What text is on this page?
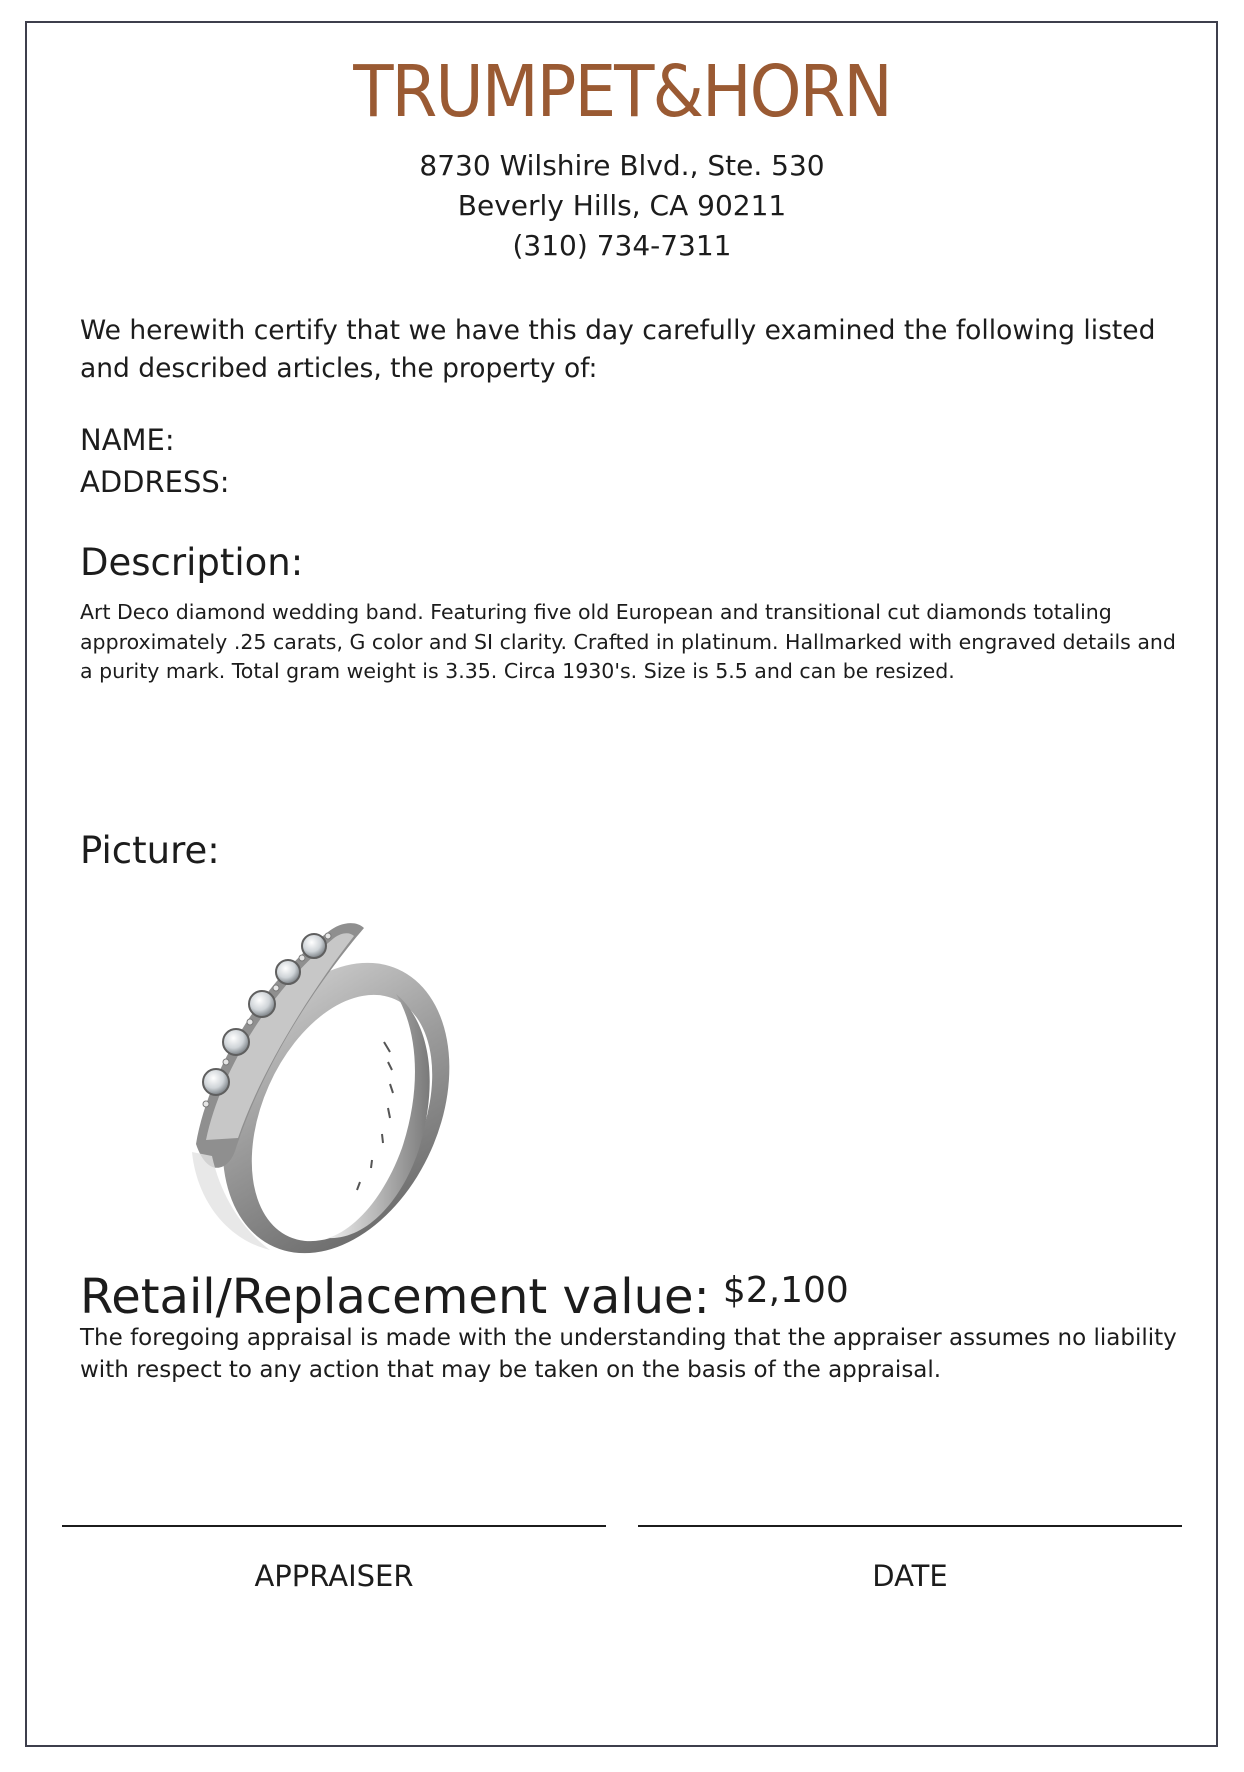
TRUMPET&HORN
8730 Wilshire Blvd., Ste. 530
Beverly Hills, CA 90211
(310) 734-7311
We herewith certify that we have this day carefully examined the following listed and described articles, the property of:
NAME:
ADDRESS:
Description:
Art Deco diamond wedding band. Featuring five old European and transitional cut diamonds totaling approximately .25 carats, G color and SI clarity. Crafted in platinum. Hallmarked with engraved details and a purity mark. Total gram weight is 3.35. Circa 1930's. Size is 5.5 and can be resized.
Picture:
Retail/Replacement value: $2,100
The foregoing appraisal is made with the understanding that the appraiser assumes no liability with respect to any action that may be taken on the basis of the appraisal.
APPRAISER	DATE
